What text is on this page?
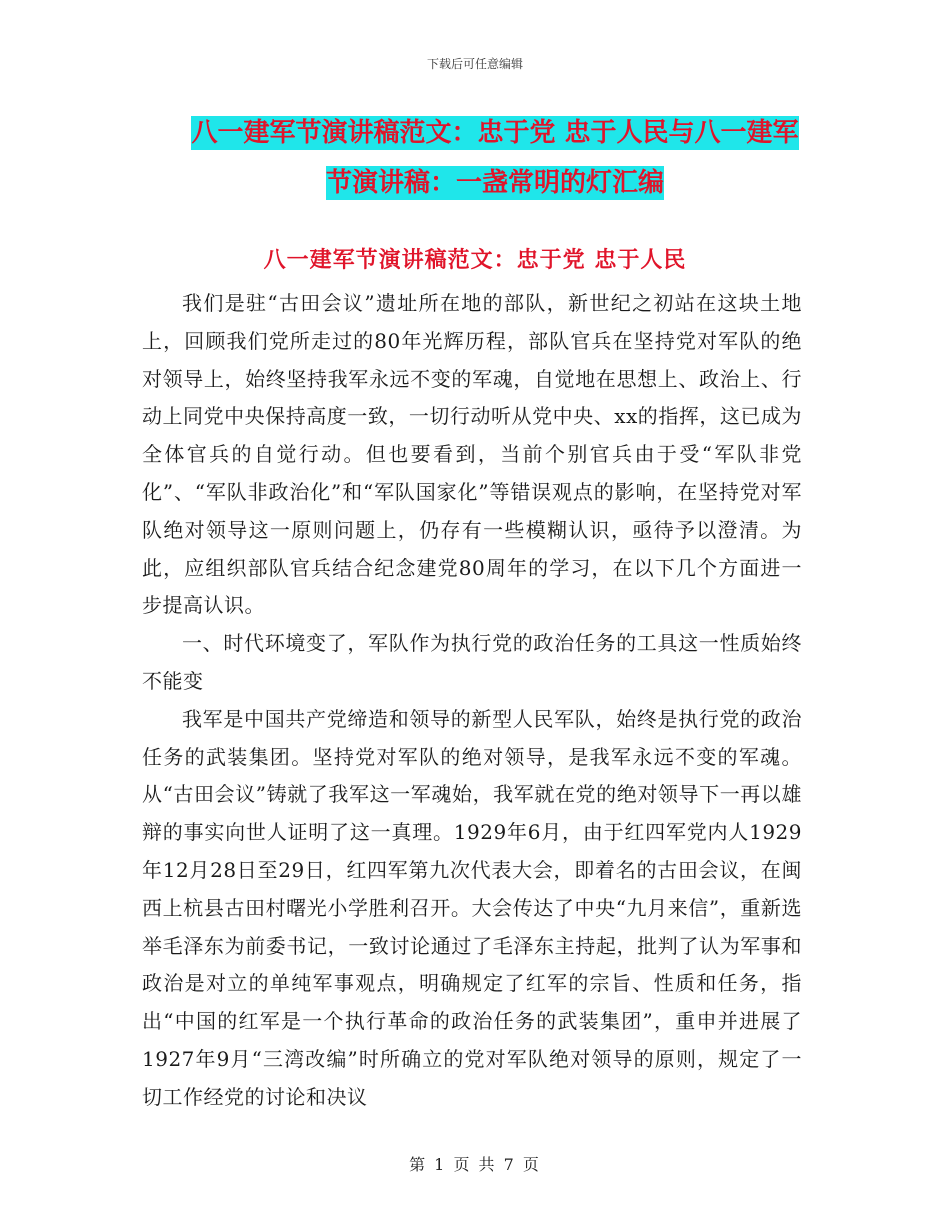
下载后可任意编辑
八一建军节演讲稿范文：忠于党 忠于人民与八一建军
节演讲稿：一盏常明的灯汇编
八一建军节演讲稿范文：忠于党 忠于人民

我们是驻“古田会议”遗址所在地的部队，新世纪之初站在这块土地上，回顾我们党所走过的80年光辉历程，部队官兵在坚持党对军队的绝对领导上，始终坚持我军永远不变的军魂，自觉地在思想上、政治上、行动上同党中央保持高度一致，一切行动听从党中央、xx的指挥，这已成为全体官兵的自觉行动。但也要看到，当前个别官兵由于受“军队非党化”、“军队非政治化”和“军队国家化”等错误观点的影响，在坚持党对军队绝对领导这一原则问题上，仍存有一些模糊认识，亟待予以澄清。为此，应组织部队官兵结合纪念建党80周年的学习，在以下几个方面进一步提高认识。

一、时代环境变了，军队作为执行党的政治任务的工具这一性质始终不能变

我军是中国共产党缔造和领导的新型人民军队，始终是执行党的政治任务的武装集团。坚持党对军队的绝对领导，是我军永远不变的军魂。从“古田会议”铸就了我军这一军魂始，我军就在党的绝对领导下一再以雄辩的事实向世人证明了这一真理。1929年6月，由于红四军党内人1929年12月28日至29日，红四军第九次代表大会，即着名的古田会议，在闽西上杭县古田村曙光小学胜利召开。大会传达了中央“九月来信”，重新选举毛泽东为前委书记，一致讨论通过了毛泽东主持起，批判了认为军事和政治是对立的单纯军事观点，明确规定了红军的宗旨、性质和任务，指出“中国的红军是一个执行革命的政治任务的武装集团”，重申并进展了1927年9月“三湾改编”时所确立的党对军队绝对领导的原则，规定了一切工作经党的讨论和决议

第 1 页 共 7 页
